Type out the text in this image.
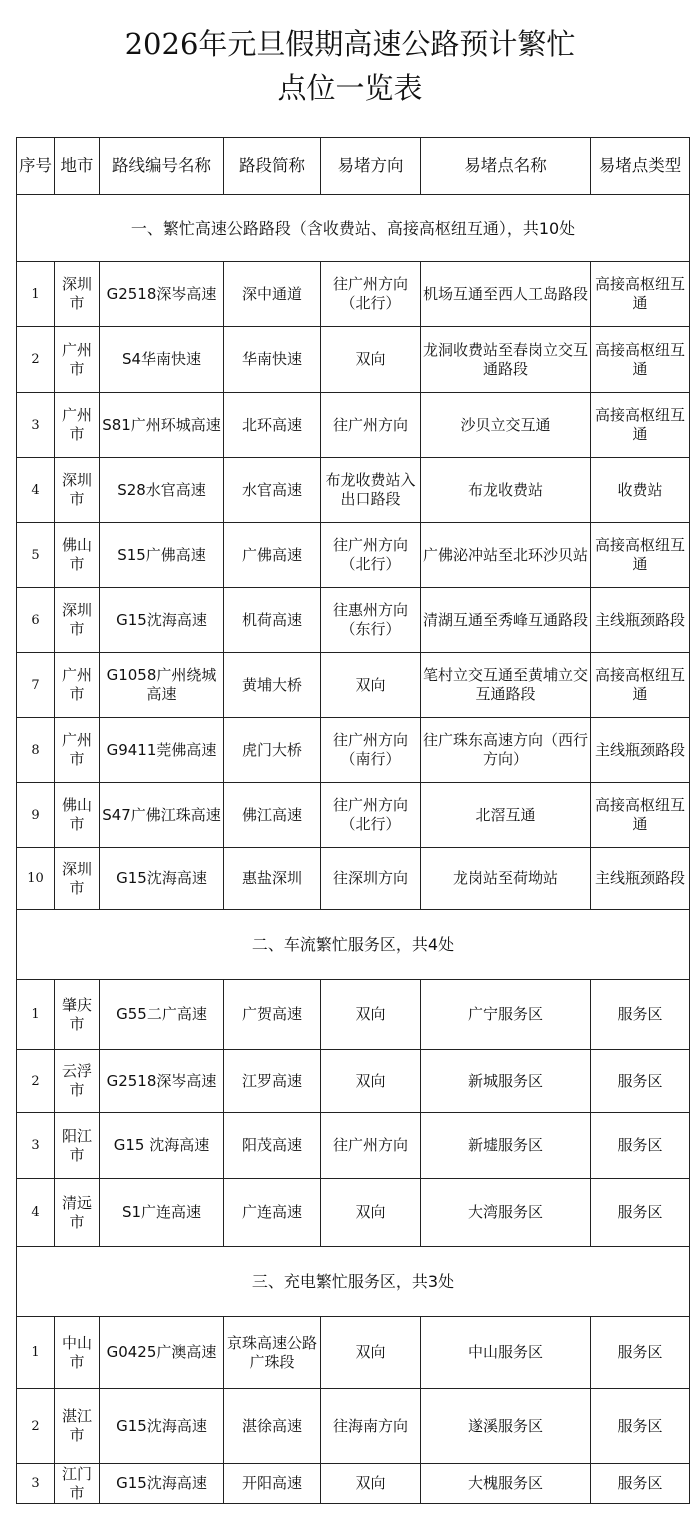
2026年元旦假期高速公路预计繁忙
点位一览表
序号	地市	路线编号名称	路段简称	易堵方向	易堵点名称	易堵点类型
一、繁忙高速公路路段（含收费站、高接高枢纽互通），共10处						
1	深圳市	G2518深岑高速	深中通道	往广州方向（北行）	机场互通至西人工岛路段	高接高枢纽互通
2	广州市	S4华南快速	华南快速	双向	龙洞收费站至春岗立交互通路段	高接高枢纽互通
3	广州市	S81广州环城高速	北环高速	往广州方向	沙贝立交互通	高接高枢纽互通
4	深圳市	S28水官高速	水官高速	布龙收费站入出口路段	布龙收费站	收费站
5	佛山市	S15广佛高速	广佛高速	往广州方向（北行）	广佛泌冲站至北环沙贝站	高接高枢纽互通
6	深圳市	G15沈海高速	机荷高速	往惠州方向（东行）	清湖互通至秀峰互通路段	主线瓶颈路段
7	广州市	G1058广州绕城高速	黄埔大桥	双向	笔村立交互通至黄埔立交互通路段	高接高枢纽互通
8	广州市	G9411莞佛高速	虎门大桥	往广州方向（南行）	往广珠东高速方向（西行方向）	主线瓶颈路段
9	佛山市	S47广佛江珠高速	佛江高速	往广州方向（北行）	北滘互通	高接高枢纽互通
10	深圳市	G15沈海高速	惠盐深圳	往深圳方向	龙岗站至荷坳站	主线瓶颈路段
二、车流繁忙服务区，共4处						
1	肇庆市	G55二广高速	广贺高速	双向	广宁服务区	服务区
2	云浮市	G2518深岑高速	江罗高速	双向	新城服务区	服务区
3	阳江市	G15 沈海高速	阳茂高速	往广州方向	新墟服务区	服务区
4	清远市	S1广连高速	广连高速	双向	大湾服务区	服务区
三、充电繁忙服务区，共3处						
1	中山市	G0425广澳高速	京珠高速公路广珠段	双向	中山服务区	服务区
2	湛江市	G15沈海高速	湛徐高速	往海南方向	遂溪服务区	服务区
3	江门市	G15沈海高速	开阳高速	双向	大槐服务区	服务区
